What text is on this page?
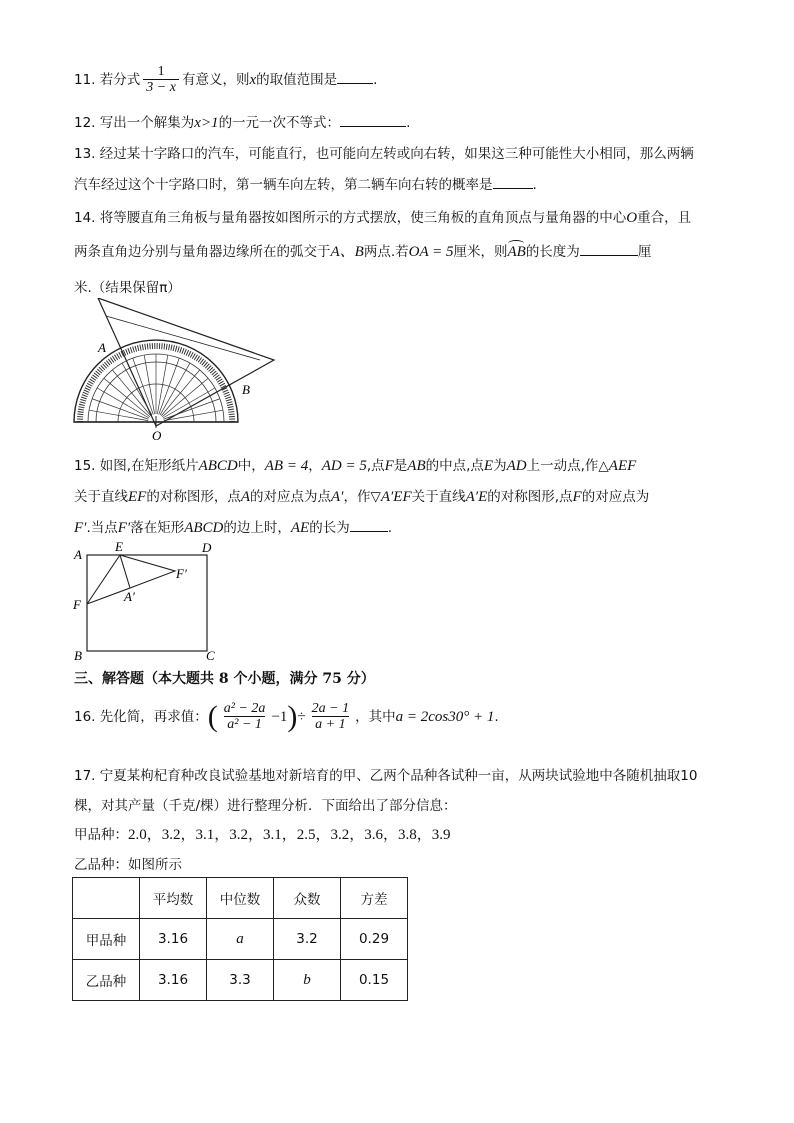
11. 若分式 $\frac{1}{3 - x}$ 有意义，则x的取值范围是	.
12. 写出一个解集为x>1的一元一次不等式：	.
13. 经过某十字路口的汽车，可能直行，也可能向左转或向右转，如果这三种可能性大小相同，那么两辆
汽车经过这个十字路口时，第一辆车向左转，第二辆车向右转的概率是	.
14. 将等腰直角三角板与量角器按如图所示的方式摆放，使三角板的直角顶点与量角器的中心O重合，且
两条直角边分别与量角器边缘所在的弧交于A、B两点.若OA = 5厘米，则AB
的长度为	厘
米.（结果保留π）
A
B
O
15. 如图,在矩形纸片ABCD中，AB = 4，AD = 5,点F是AB的中点,点E为AD上一动点,作△AEF
关于直线EF的对称图形，点A的对应点为点A′，作▽A′EF关于直线A′E的对称图形,点F的对应点为
F′.当点F′落在矩形ABCD的边上时，AE的长为	.
A
E	D
F′
F
A′
B	C
三、解答题（本大题共 8 个小题，满分 75 分）
16. 先化简，再求值：( $\frac{\text{a² − 2a}}{\text{a² − 1}} -1)\div \frac{2a - 1}{a + 1}$ ，其中a = 2cos30° + 1.
17. 宁夏某枸杞育种改良试验基地对新培育的甲、乙两个品种各试种一亩，从两块试验地中各随机抽取10
棵，对其产量（千克/棵）进行整理分析．下面给出了部分信息：
甲品种：2.0，3.2，3.1，3.2，3.1，2.5，3.2，3.6，3.8，3.9
乙品种：如图所示
	平均数	中位数	众数	方差
甲品种	3.16	a	3.2	0.29
乙品种	3.16	3.3	b	0.15
